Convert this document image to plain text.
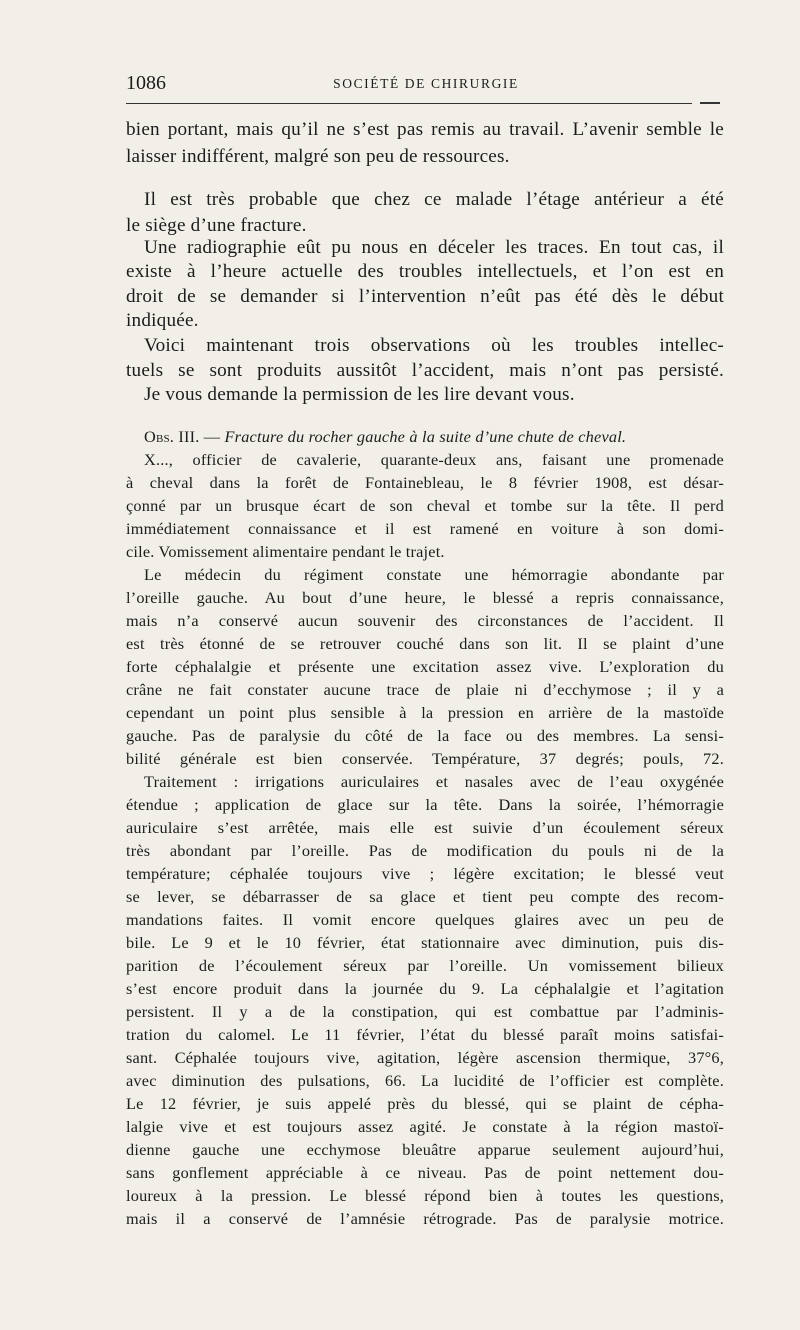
1086	SOCIÉTÉ DE CHIRURGIE
bien portant, mais qu’il ne s’est pas remis au travail. L’avenir semble le
laisser indifférent, malgré son peu de ressources.
Il est très probable que chez ce malade l’étage antérieur a été
le siège d’une fracture.
Une radiographie eût pu nous en déceler les traces. En tout cas, il
existe à l’heure actuelle des troubles intellectuels, et l’on est en
droit de se demander si l’intervention n’eût pas été dès le début
indiquée.
Voici maintenant trois observations où les troubles intellec-
tuels se sont produits aussitôt l’accident, mais n’ont pas persisté.
Je vous demande la permission de les lire devant vous.
Obs. III. — Fracture du rocher gauche à la suite d’une chute de cheval.
X..., officier de cavalerie, quarante-deux ans, faisant une promenade
à cheval dans la forêt de Fontainebleau, le 8 février 1908, est désar-
çonné par un brusque écart de son cheval et tombe sur la tête. Il perd
immédiatement connaissance et il est ramené en voiture à son domi-
cile. Vomissement alimentaire pendant le trajet.
Le médecin du régiment constate une hémorragie abondante par
l’oreille gauche. Au bout d’une heure, le blessé a repris connaissance,
mais n’a conservé aucun souvenir des circonstances de l’accident. Il
est très étonné de se retrouver couché dans son lit. Il se plaint d’une
forte céphalalgie et présente une excitation assez vive. L’exploration du
crâne ne fait constater aucune trace de plaie ni d’ecchymose ; il y a
cependant un point plus sensible à la pression en arrière de la mastoïde
gauche. Pas de paralysie du côté de la face ou des membres. La sensi-
bilité générale est bien conservée. Température, 37 degrés; pouls, 72.
Traitement : irrigations auriculaires et nasales avec de l’eau oxygénée
étendue ; application de glace sur la tête. Dans la soirée, l’hémorragie
auriculaire s’est arrêtée, mais elle est suivie d’un écoulement séreux
très abondant par l’oreille. Pas de modification du pouls ni de la
température; céphalée toujours vive ; légère excitation; le blessé veut
se lever, se débarrasser de sa glace et tient peu compte des recom-
mandations faites. Il vomit encore quelques glaires avec un peu de
bile. Le 9 et le 10 février, état stationnaire avec diminution, puis dis-
parition de l’écoulement séreux par l’oreille. Un vomissement bilieux
s’est encore produit dans la journée du 9. La céphalalgie et l’agitation
persistent. Il y a de la constipation, qui est combattue par l’adminis-
tration du calomel. Le 11 février, l’état du blessé paraît moins satisfai-
sant. Céphalée toujours vive, agitation, légère ascension thermique, 37°6,
avec diminution des pulsations, 66. La lucidité de l’officier est complète.
Le 12 février, je suis appelé près du blessé, qui se plaint de cépha-
lalgie vive et est toujours assez agité. Je constate à la région mastoï-
dienne gauche une ecchymose bleuâtre apparue seulement aujourd’hui,
sans gonflement appréciable à ce niveau. Pas de point nettement dou-
loureux à la pression. Le blessé répond bien à toutes les questions,
mais il a conservé de l’amnésie rétrograde. Pas de paralysie motrice.
